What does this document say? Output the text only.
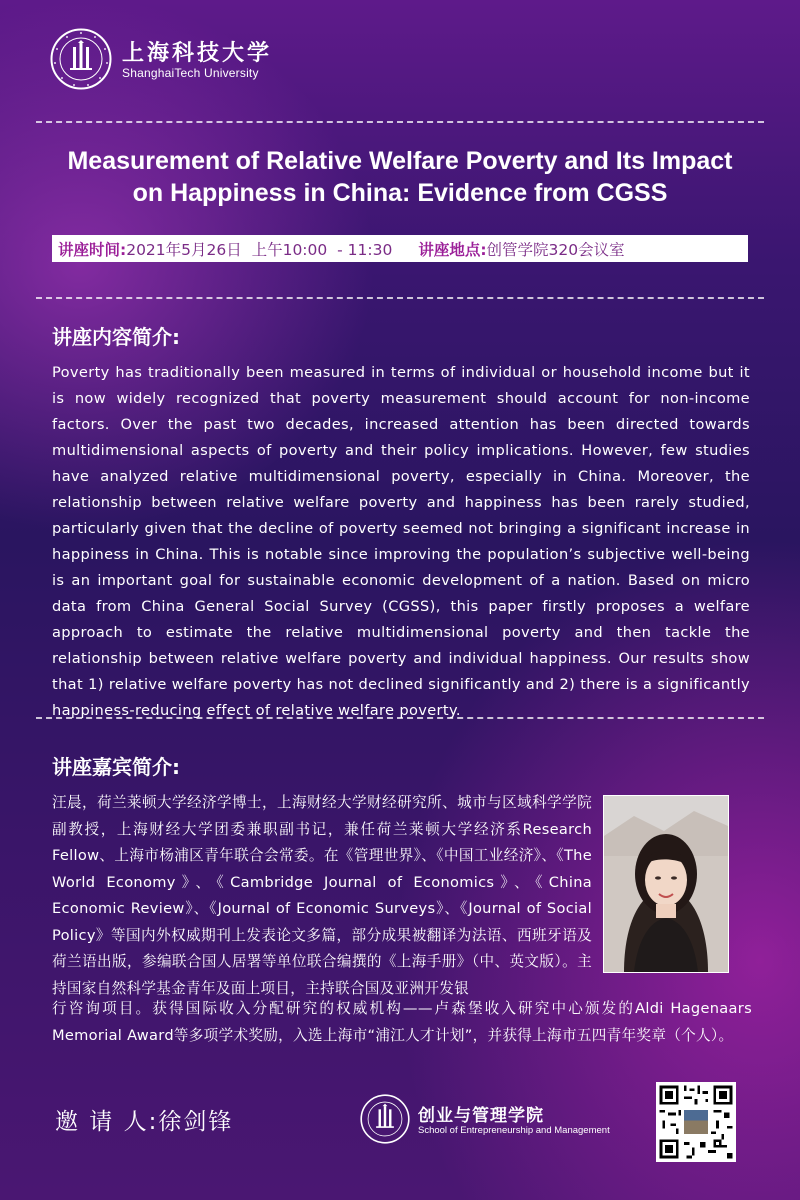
上海科技大学
ShanghaiTech University
Measurement of Relative Welfare Poverty and Its Impact
on Happiness in China: Evidence from CGSS
讲座时间: 2021年5月26日  上午10:00  - 11:30 讲座地点: 创管学院320会议室
讲座内容简介:
Poverty has traditionally been measured in terms of individual or household income but it is now widely recognized that poverty measurement should account for non-income factors. Over the past two decades, increased attention has been directed towards multidimensional aspects of poverty and their policy implications. However, few studies have analyzed relative multidimensional poverty, especially in China. Moreover, the relationship between relative welfare poverty and happiness has been rarely studied, particularly given that the decline of poverty seemed not bringing a significant increase in happiness in China. This is notable since improving the population’s subjective well-being is an important goal for sustainable economic development of a nation. Based on micro data from China General Social Survey (CGSS), this paper firstly proposes a welfare approach to estimate the relative multidimensional poverty and then tackle the relationship between relative welfare poverty and individual happiness. Our results show that 1) relative welfare poverty has not declined significantly and 2) there is a significantly happiness-reducing effect of relative welfare poverty.
讲座嘉宾简介:
汪晨，荷兰莱顿大学经济学博士，上海财经大学财经研究所、城市与区域科学学院副教授，上海财经大学团委兼职副书记，兼任荷兰莱顿大学经济系Research Fellow、上海市杨浦区青年联合会常委。在《管理世界》、《中国工业经济》、《The World Economy》、《Cambridge Journal of Economics》、《China Economic Review》、《Journal of Economic Surveys》、《Journal of Social Policy》等国内外权威期刊上发表论文多篇，部分成果被翻译为法语、西班牙语及荷兰语出版，参编联合国人居署等单位联合编撰的《上海手册》（中、英文版）。主持国家自然科学基金青年及面上项目，主持联合国及亚洲开发银
行咨询项目。获得国际收入分配研究的权威机构——卢森堡收入研究中心颁发的Aldi Hagenaars Memorial Award等多项学术奖励，入选上海市“浦江人才计划”，并获得上海市五四青年奖章（个人）。
邀 请 人:徐剑锋	创业与管理学院
School of Entrepreneurship and Management
